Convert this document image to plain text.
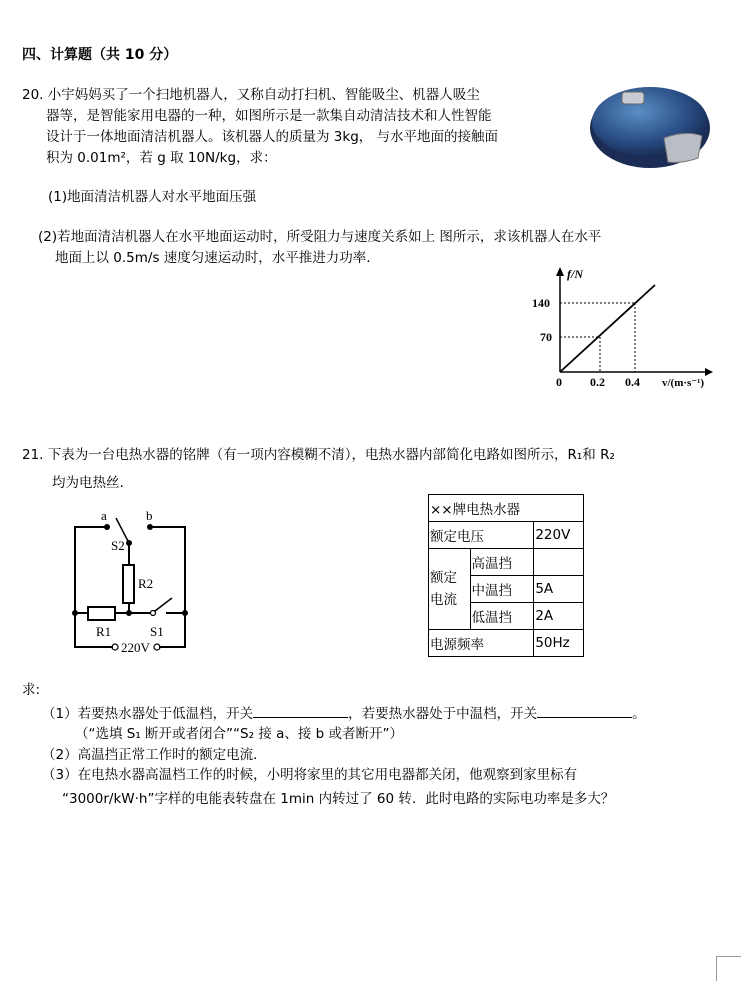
四、计算题（共 10 分）
20. 小宇妈妈买了一个扫地机器人，又称自动打扫机、智能吸尘、机器人吸尘
器等，是智能家用电器的一种，如图所示是一款集自动清洁技术和人性智能
设计于一体地面清洁机器人。该机器人的质量为 3kg， 与水平地面的接触面
积为 0.01m²，若 g 取 10N/kg，求：
(1)地面清洁机器人对水平地面压强
(2)若地面清洁机器人在水平地面运动时，所受阻力与速度关系如上 图所示，求该机器人在水平
地面上以 0.5m/s 速度匀速运动时，水平推进力功率.
f/N
140
70
0 0.2 0.4 v/(m·s⁻¹)
21. 下表为一台电热水器的铭牌（有一项内容模糊不清），电热水器内部简化电路如图所示，R₁和 R₂
均为电热丝.
a	b
S2
R2
R1	S1
220V
××牌电热水器		
额定电压		220V
额定电流	高温挡	
	中温挡	5A
	低温挡	2A
电源频率		50Hz
求:
（1）若要热水器处于低温档，开关	，若要热水器处于中温档，开关	。
（“选填 S₁ 断开或者闭合”“S₂ 接 a、接 b 或者断开”）
（2）高温挡正常工作时的额定电流.
（3）在电热水器高温档工作的时候，小明将家里的其它用电器都关闭，他观察到家里标有
“3000r/kW·h”字样的电能表转盘在 1min 内转过了 60 转．此时电路的实际电功率是多大？
